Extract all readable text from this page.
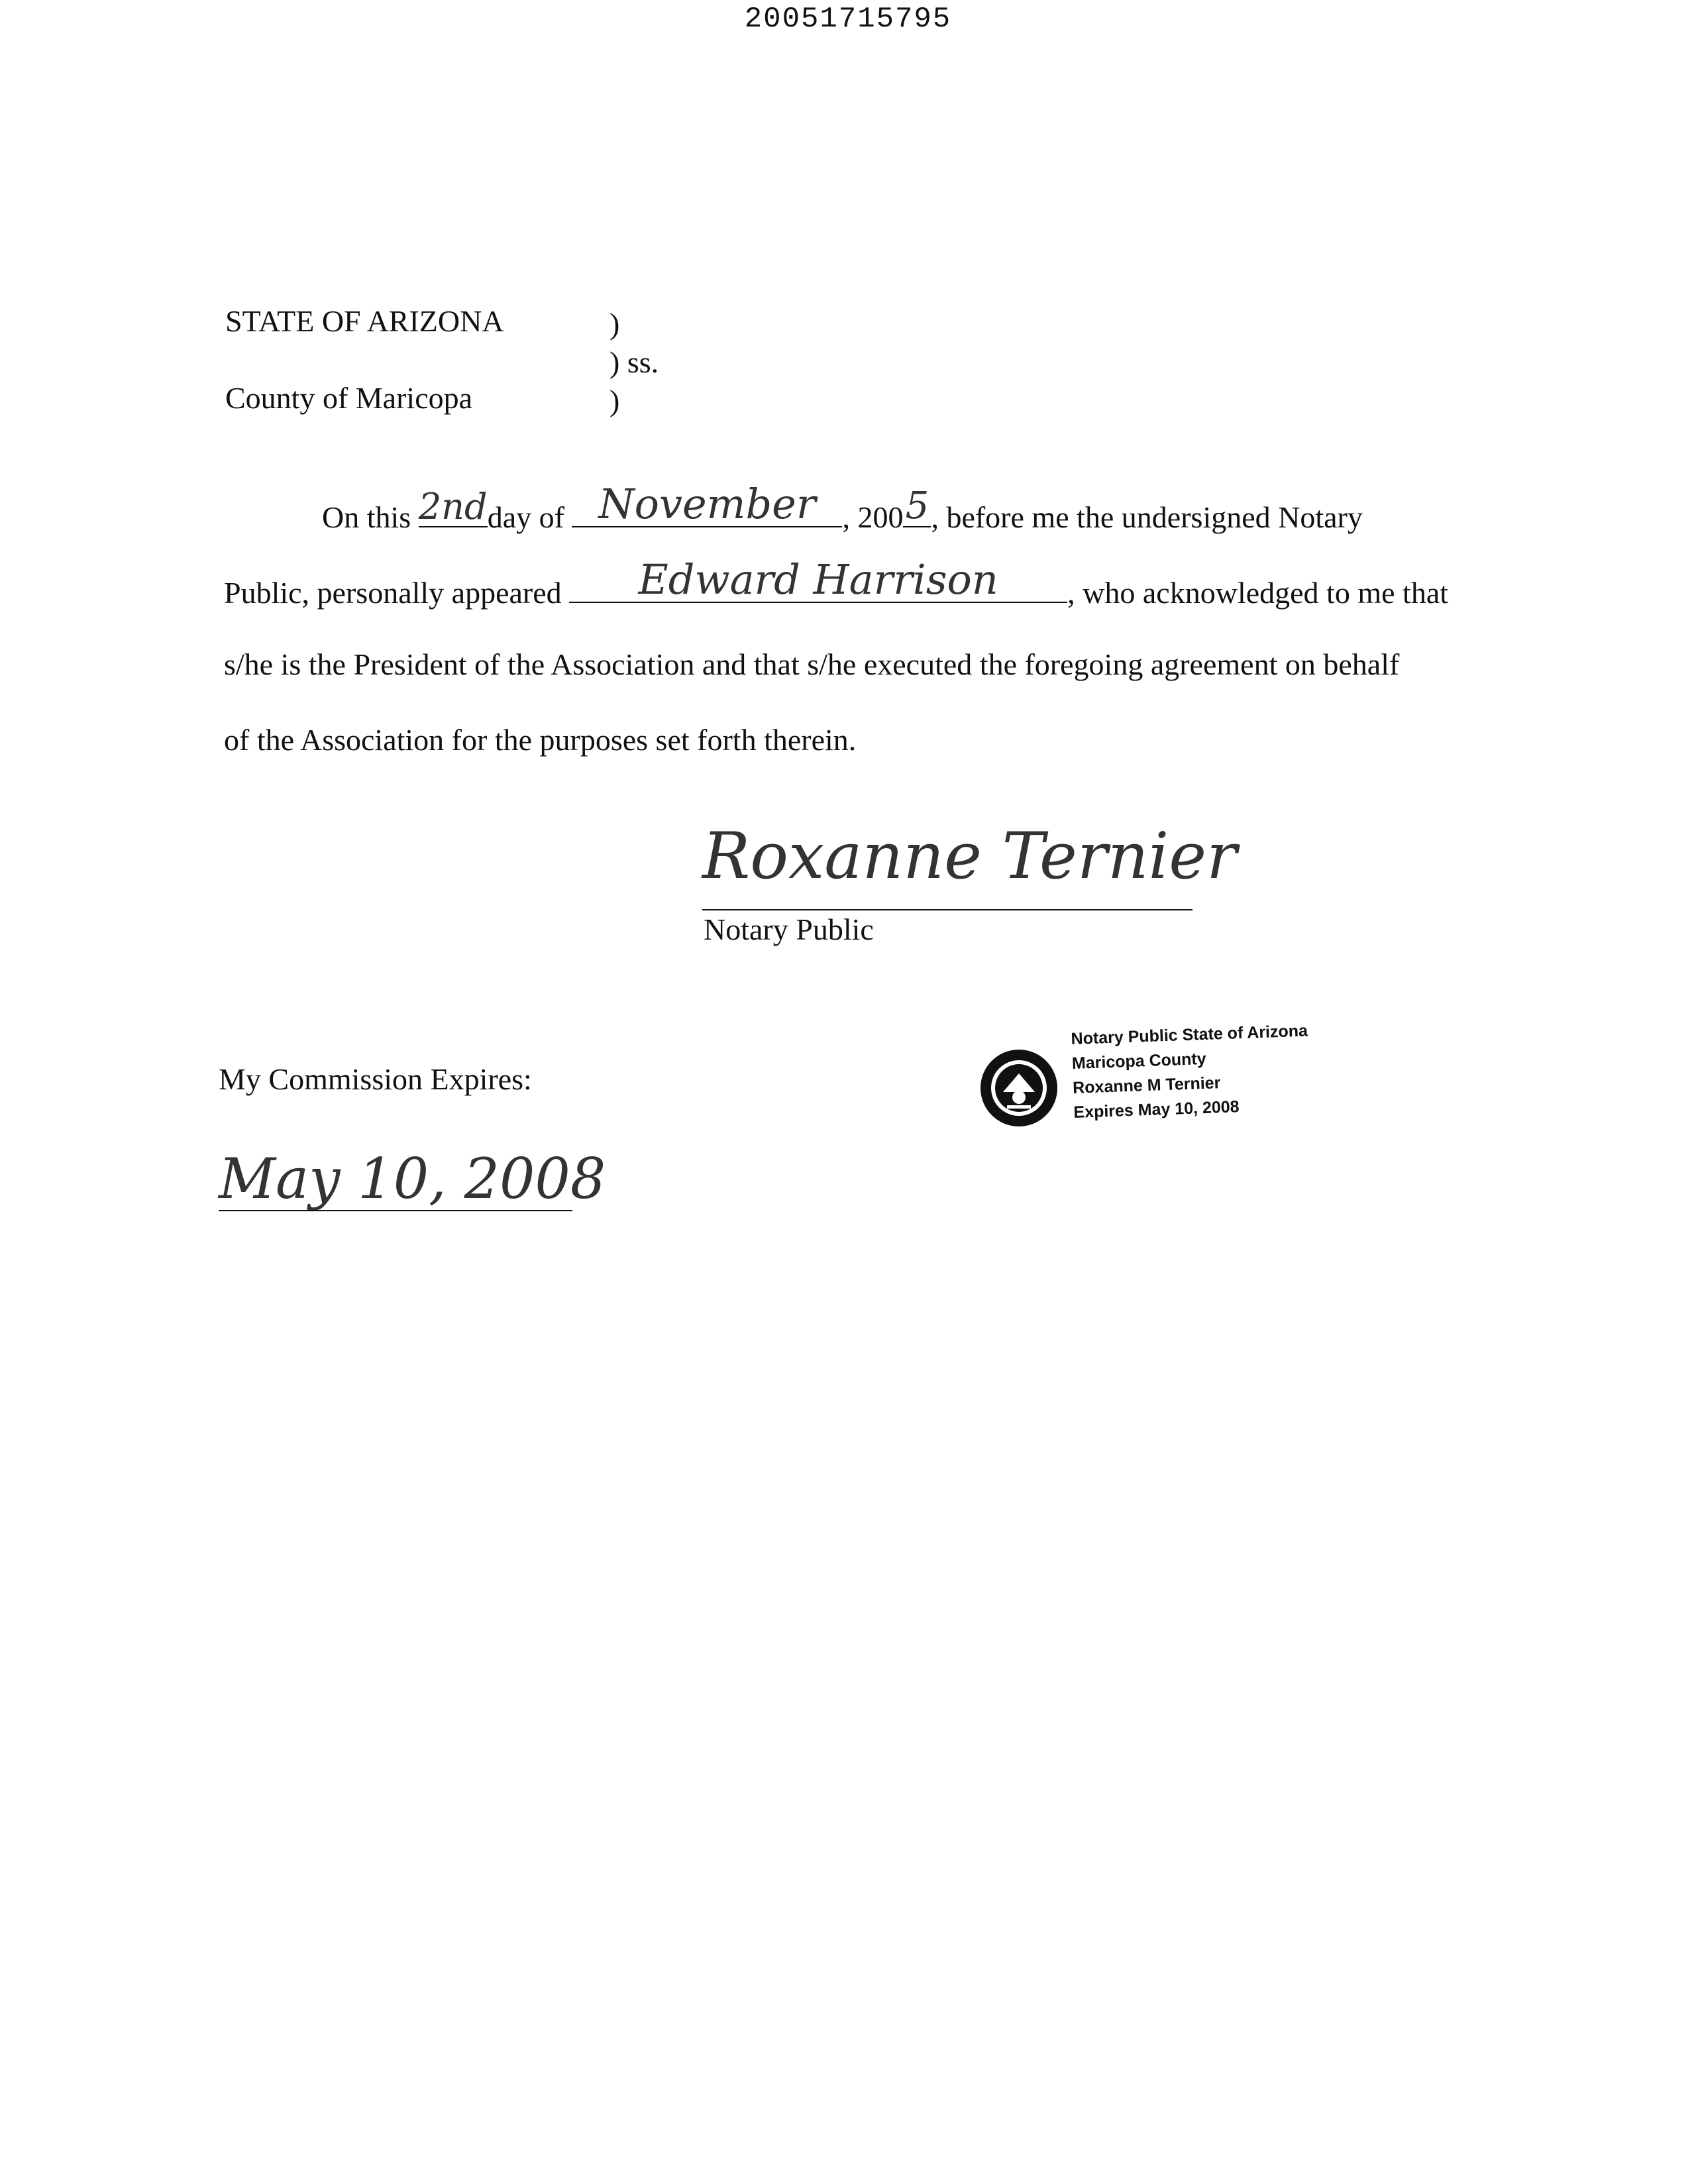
20051715795
STATE OF ARIZONA	)
) ss.
County of Maricopa	)
On this 2nd day of November , 200 5 , before me the undersigned Notary
Public, personally appeared	Edward Harrison	, who acknowledged to me that
s/he is the President of the Association and that s/he executed the foregoing agreement on behalf
of the Association for the purposes set forth therein.
Roxanne Ternier
Notary Public
My Commission Expires:
May 10, 2008
Notary Public State of Arizona
Maricopa County
Roxanne M Ternier
Expires May 10, 2008
